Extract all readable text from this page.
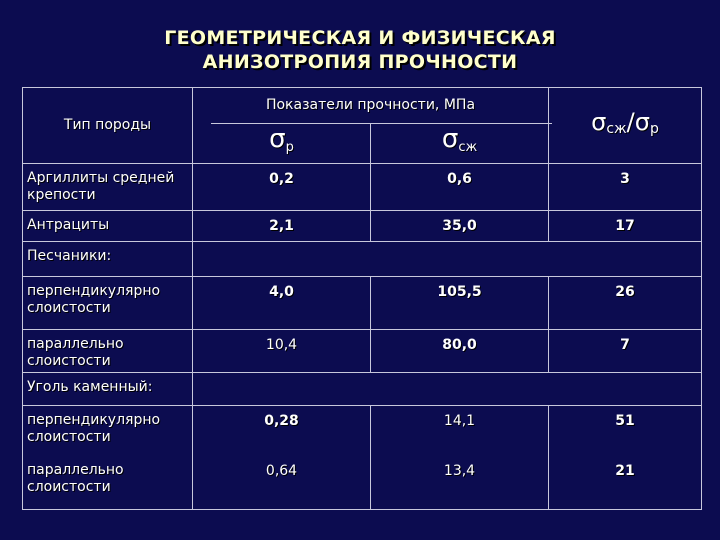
ГЕОМЕТРИЧЕСКАЯ И ФИЗИЧЕСКАЯ
АНИЗОТРОПИЯ ПРОЧНОСТИ
Тип породы	Показатели прочности, МПа		σсж/σр
	$\sigma_р$	$\sigma_{сж}$
Аргиллиты средней крепости	0,2	0,6	3
Антрациты	2,1	35,0	17
Песчаники:			
перпендикулярно слоистости	4,0	105,5	26
параллельно слоистости	10,4	80,0	7
Уголь каменный:			
перпендикулярно слоистости	0,28	14,1	51
параллельно слоистости	0,64	13,4	21
